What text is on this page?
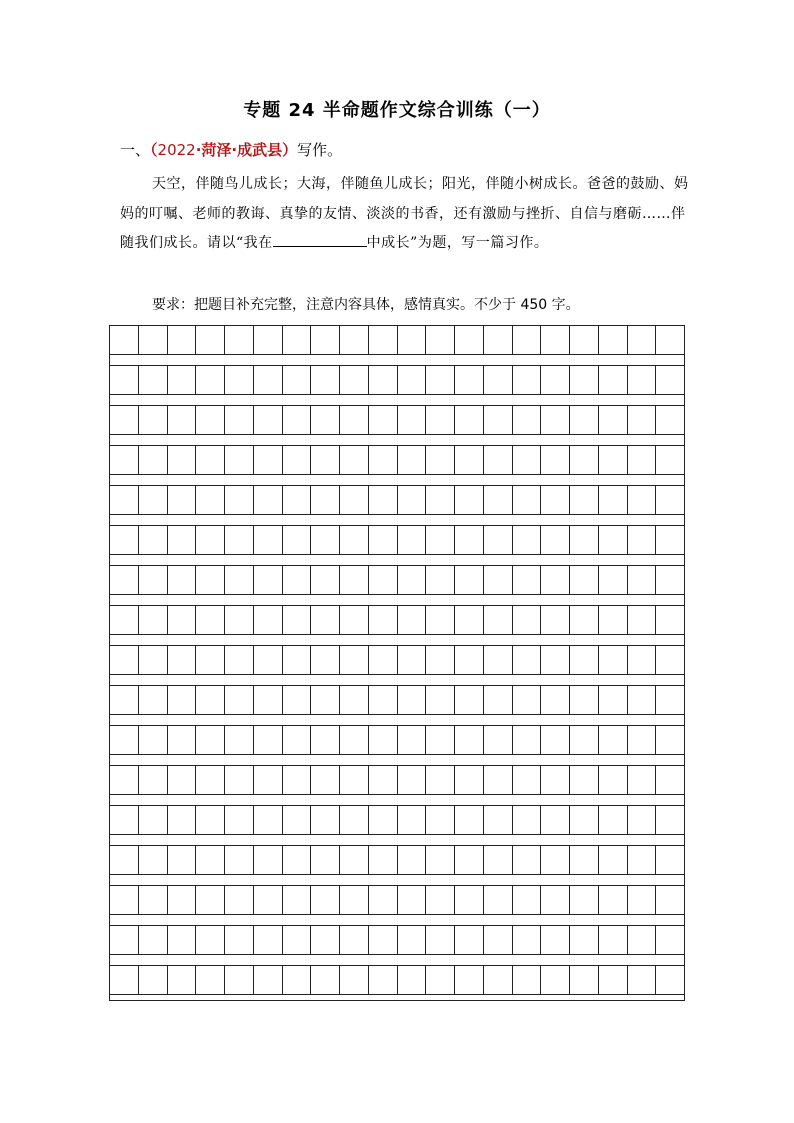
专题 24 半命题作文综合训练（一）
一、（2022·菏泽·成武县）写作。
天空，伴随鸟儿成长；大海，伴随鱼儿成长；阳光，伴随小树成长。爸爸的鼓励、妈妈的叮嘱、老师的教诲、真挚的友情、淡淡的书香，还有激励与挫折、自信与磨砺……伴随我们成长。请以“我在	中成长”为题，写一篇习作。
要求：把题目补充完整，注意内容具体，感情真实。不少于 450 字。
